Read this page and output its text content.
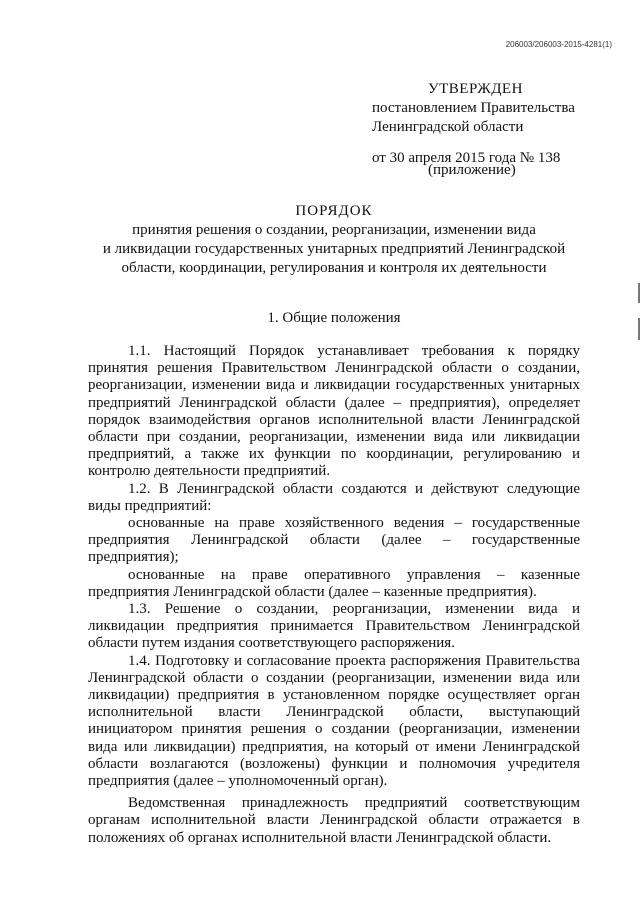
206003/206003-2015-4281(1)
УТВЕРЖДЕН
постановлением Правительства
Ленинградской области
от 30 апреля 2015 года № 138
(приложение)
ПОРЯДОК
принятия решения о создании, реорганизации, изменении вида
и ликвидации государственных унитарных предприятий Ленинградской
области, координации, регулирования и контроля их деятельности
1. Общие положения

1.1. Настоящий Порядок устанавливает требования к порядку принятия решения Правительством Ленинградской области о создании, реорганизации, изменении вида и ликвидации государственных унитарных предприятий Ленинградской области (далее – предприятия), определяет порядок взаимодействия органов исполнительной власти Ленинградской области при создании, реорганизации, изменении вида или ликвидации предприятий, а также их функции по координации, регулированию и контролю деятельности предприятий.

1.2. В Ленинградской области создаются и действуют следующие виды предприятий:

основанные на праве хозяйственного ведения – государственные предприятия Ленинградской области (далее – государственные предприятия);

основанные на праве оперативного управления – казенные предприятия Ленинградской области (далее – казенные предприятия).

1.3. Решение о создании, реорганизации, изменении вида и ликвидации предприятия принимается Правительством Ленинградской области путем издания соответствующего распоряжения.

1.4. Подготовку и согласование проекта распоряжения Правительства Ленинградской области о создании (реорганизации, изменении вида или ликвидации) предприятия в установленном порядке осуществляет орган исполнительной власти Ленинградской области, выступающий инициатором принятия решения о создании (реорганизации, изменении вида или ликвидации) предприятия, на который от имени Ленинградской области возлагаются (возложены) функции и полномочия учредителя предприятия (далее – уполномоченный орган).

Ведомственная принадлежность предприятий соответствующим органам исполнительной власти Ленинградской области отражается в положениях об органах исполнительной власти Ленинградской области.
